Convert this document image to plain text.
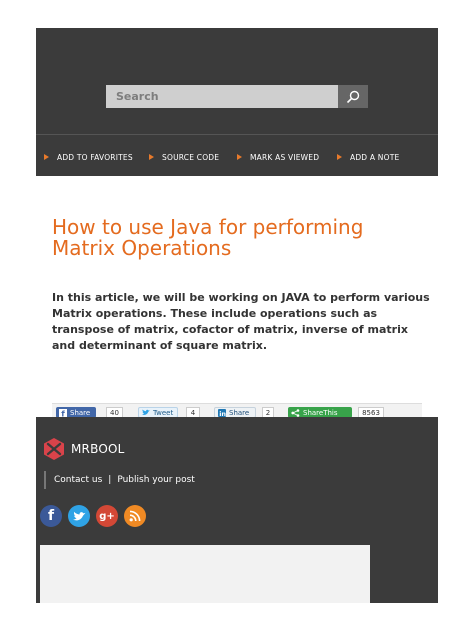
Search
ADD TO FAVORITES	SOURCE CODE	MARK AS VIEWED	ADD A NOTE
How to use Java for performing Matrix Operations

In this article, we will be working on JAVA to perform various Matrix operations. These include operations such as transpose of matrix, cofactor of matrix, inverse of matrix and determinant of square matrix.

f Share	40	Tweet	4	in Share	2	ShareThis	8563
MRBOOL
Contact us | Publish your post
f	g+
